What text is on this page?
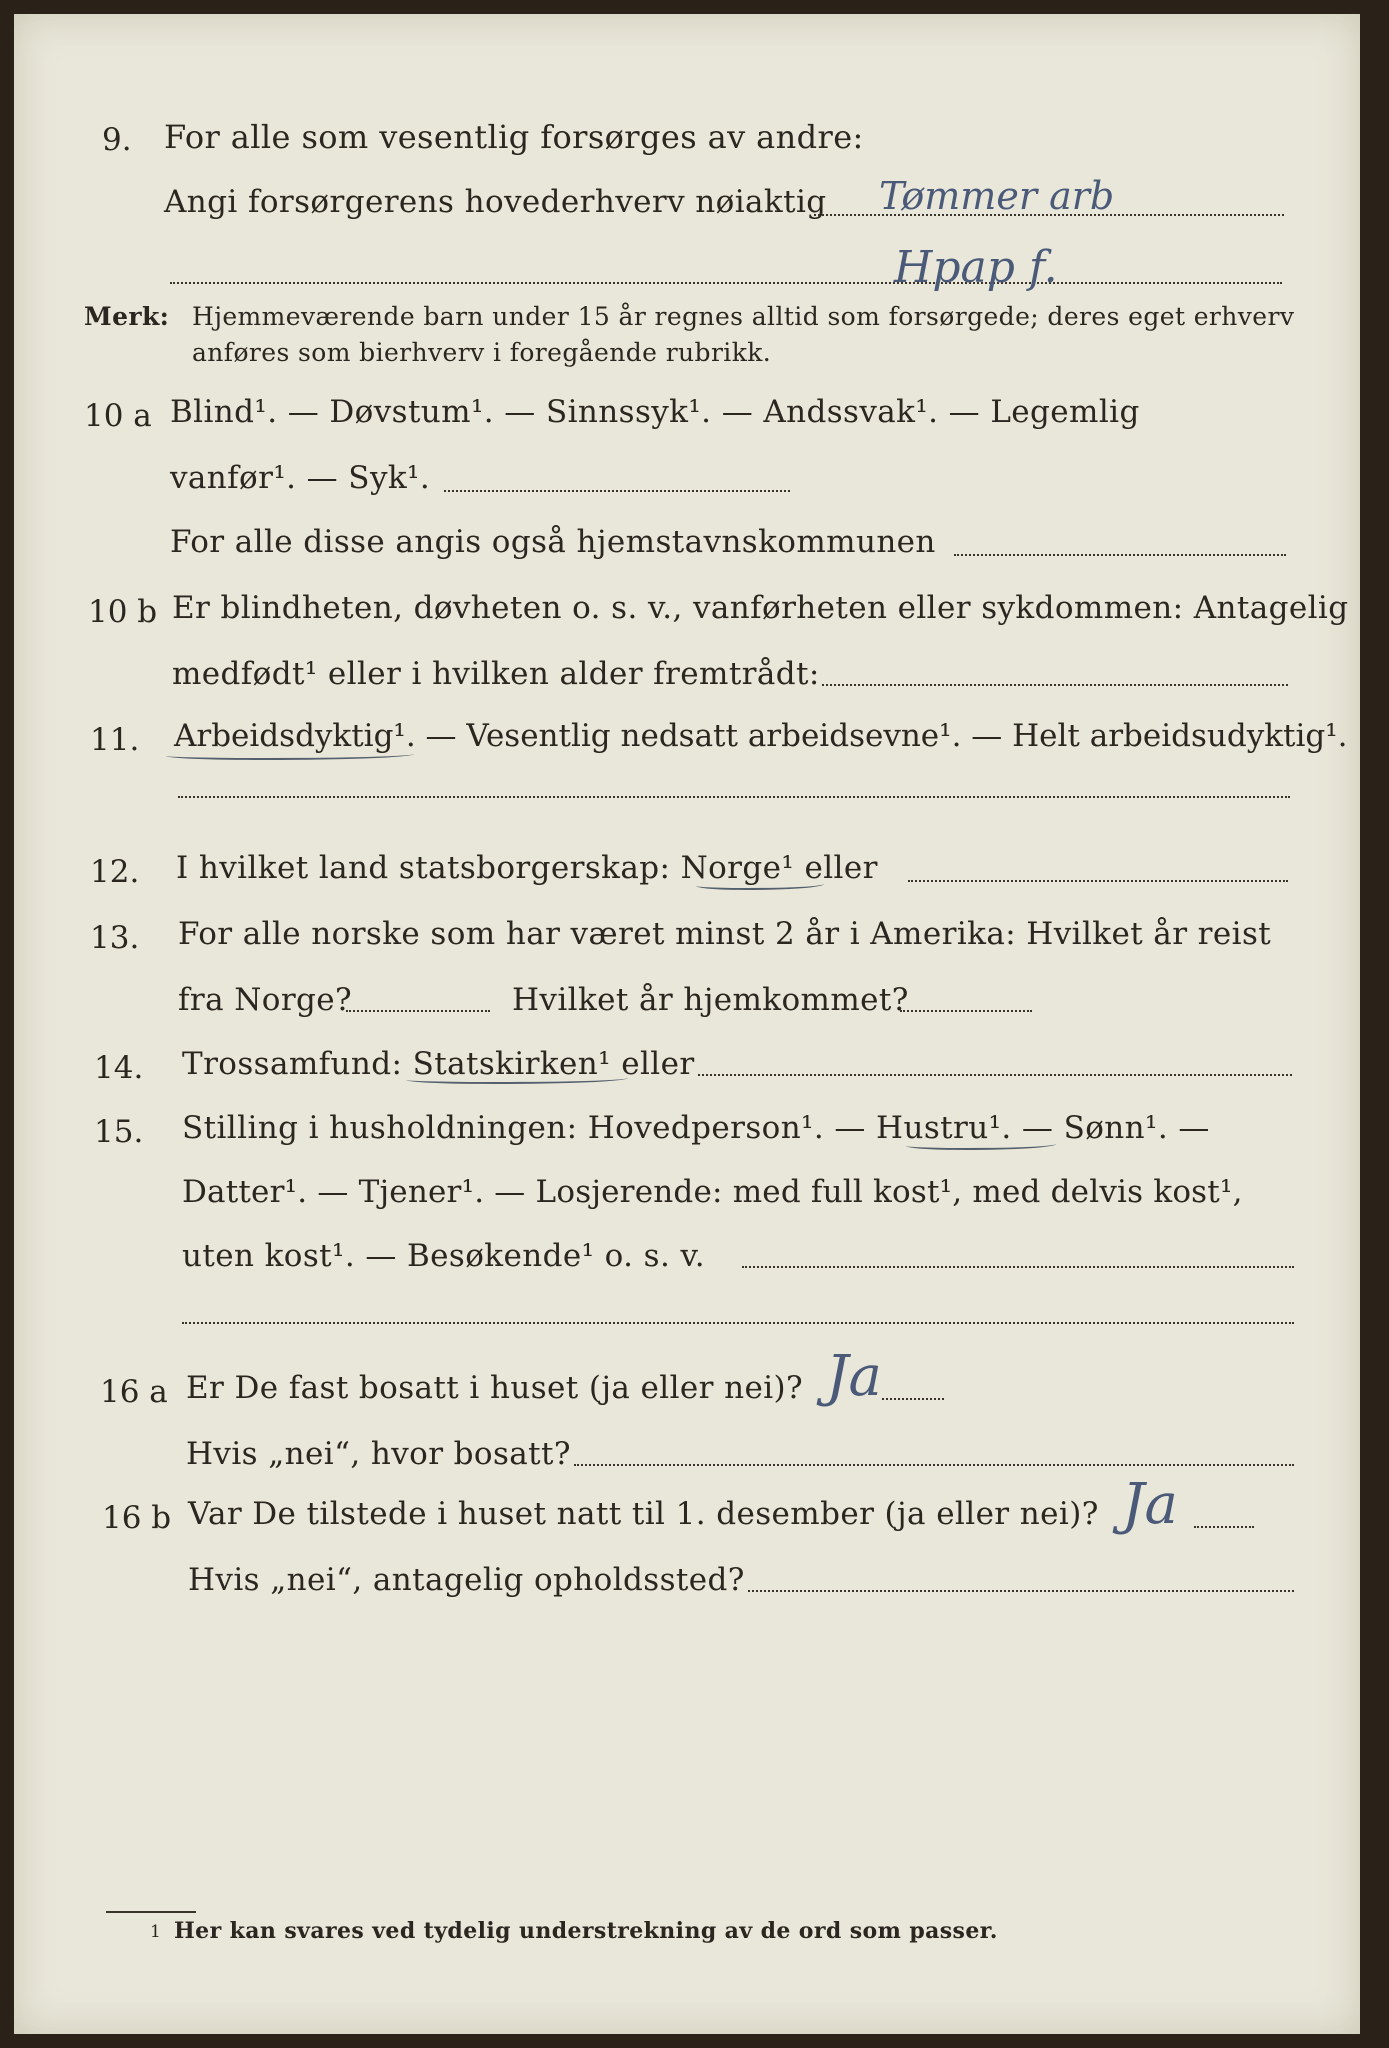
9. For alle som vesentlig forsørges av andre:
Angi forsørgerens hovederhverv nøiaktig Tømmer arb
Hpap f.
Merk: Hjemmeværende barn under 15 år regnes alltid som forsørgede; deres eget erhverv
anføres som bierhverv i foregående rubrikk.
10 a Blind¹. — Døvstum¹. — Sinnssyk¹. — Andssvak¹. — Legemlig
vanfør¹. — Syk¹.
For alle disse angis også hjemstavnskommunen
10 b Er blindheten, døvheten o. s. v., vanførheten eller sykdommen: Antagelig
medfødt¹ eller i hvilken alder fremtrådt:
11. Arbeidsdyktig¹. — Vesentlig nedsatt arbeidsevne¹. — Helt arbeidsudyktig¹.
12. I hvilket land statsborgerskap: Norge¹ eller
13. For alle norske som har været minst 2 år i Amerika: Hvilket år reist
fra Norge?	Hvilket år hjemkommet?
14. Trossamfund: Statskirken¹ eller
15. Stilling i husholdningen: Hovedperson¹. — Hustru¹. — Sønn¹. —
Datter¹. — Tjener¹. — Losjerende: med full kost¹, med delvis kost¹,
uten kost¹. — Besøkende¹ o. s. v.
16 a Er De fast bosatt i huset (ja eller nei)? Ja
Hvis „nei“, hvor bosatt?
16 b Var De tilstede i huset natt til 1. desember (ja eller nei)? Ja
Hvis „nei“, antagelig opholdssted?
1 Her kan svares ved tydelig understrekning av de ord som passer.
